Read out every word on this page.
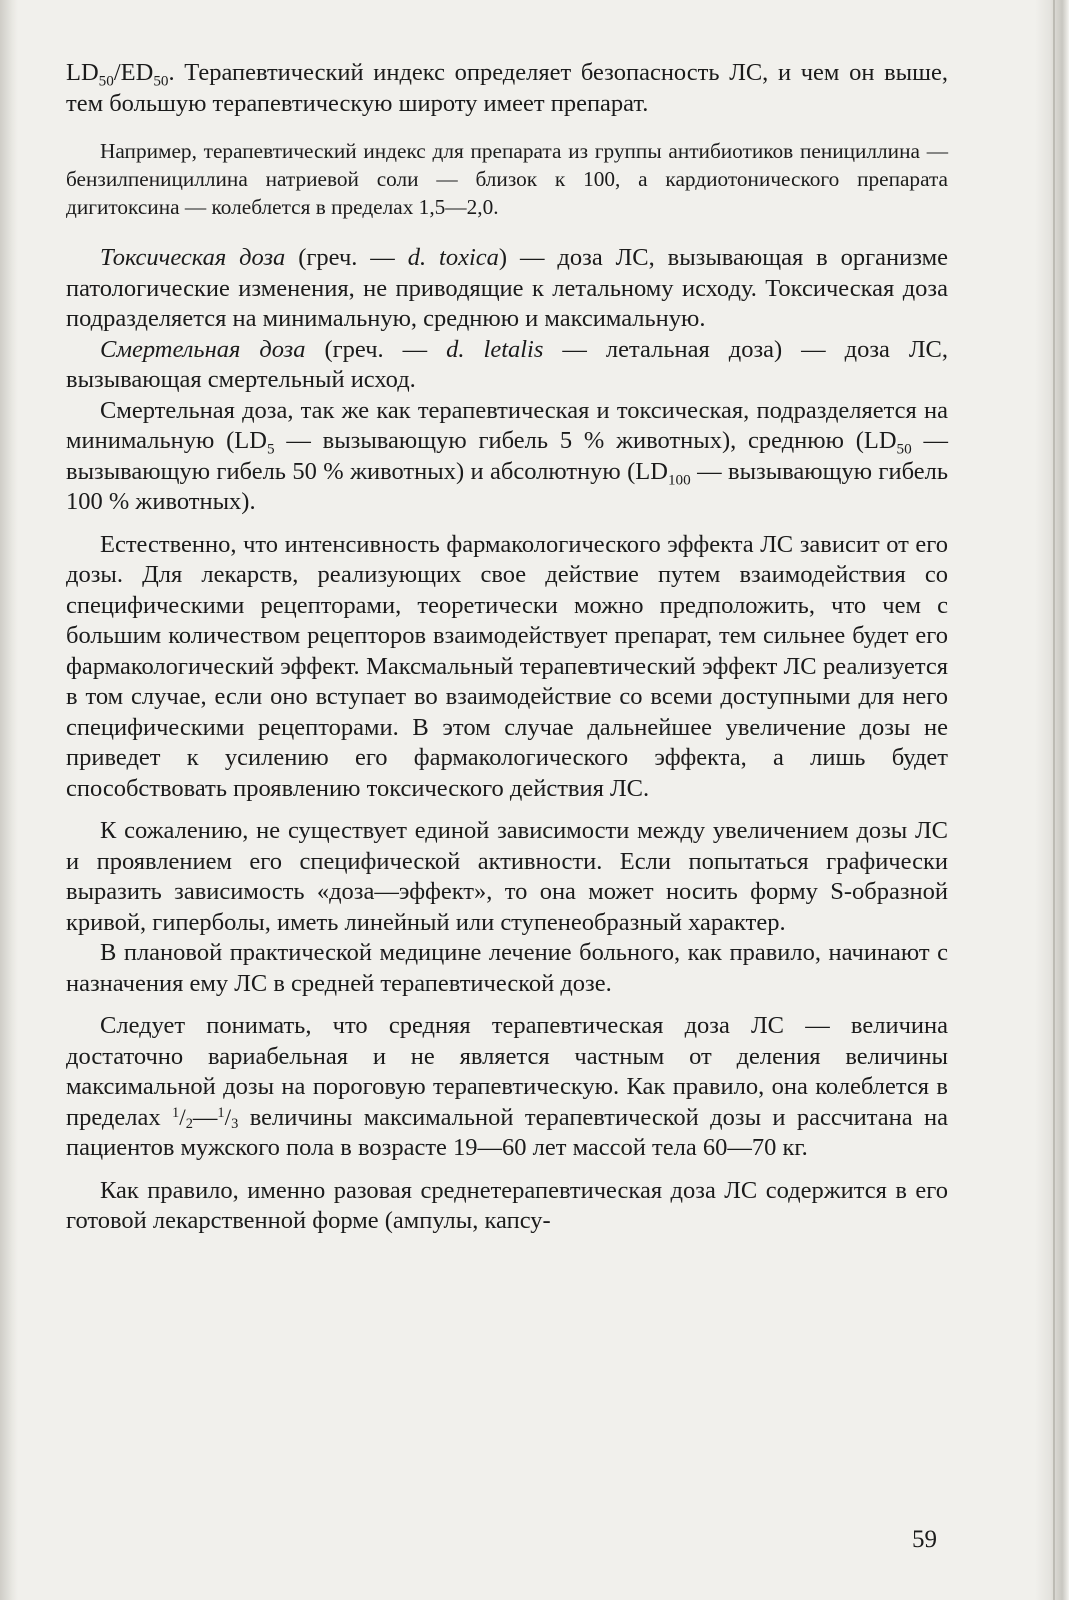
$LD_{50}/ED_{50}$. Терапевтический индекс определяет безопасность ЛС, и чем он выше, тем большую терапевтическую широту имеет препарат.

Например, терапевтический индекс для препарата из группы антибиотиков пенициллина — бензилпенициллина натриевой соли — близок к 100, а кардиотонического препарата дигитоксина — колеблется в пределах 1,5—2,0.

Токсическая доза (греч. — d. toxica) — доза ЛС, вызывающая в организме патологические изменения, не приводящие к летальному исходу. Токсическая доза подразделяется на минимальную, среднюю и максимальную.

Смертельная доза (греч. — d. letalis — летальная доза) — доза ЛС, вызывающая смертельный исход.

Смертельная доза, так же как терапевтическая и токсическая, подразделяется на минимальную ($LD_5$ — вызывающую гибель 5 % животных), среднюю ($LD_{50}$ — вызывающую гибель 50 % животных) и абсолютную ($LD_{100}$ — вызывающую гибель 100 % животных).

Естественно, что интенсивность фармакологического эффекта ЛС зависит от его дозы. Для лекарств, реализующих свое действие путем взаимодействия со специфическими рецепторами, теоретически можно предположить, что чем с большим количеством рецепторов взаимодействует препарат, тем сильнее будет его фармакологический эффект. Максмальный терапевтический эффект ЛС реализуется в том случае, если оно вступает во взаимодействие со всеми доступными для него специфическими рецепторами. В этом случае дальнейшее увеличение дозы не приведет к усилению его фармакологического эффекта, а лишь будет способствовать проявлению токсического действия ЛС.

К сожалению, не существует единой зависимости между увеличением дозы ЛС и проявлением его специфической активности. Если попытаться графически выразить зависимость «доза—эффект», то она может носить форму S-образной кривой, гиперболы, иметь линейный или ступенеобразный характер.

В плановой практической медицине лечение больного, как правило, начинают с назначения ему ЛС в средней терапевтической дозе.

Следует понимать, что средняя терапевтическая доза ЛС — величина достаточно вариабельная и не является частным от деления величины максимальной дозы на пороговую терапевтическую. Как правило, она колеблется в пределах $^1/_2—^1/_3$ величины максимальной терапевтической дозы и рассчитана на пациентов мужского пола в возрасте 19—60 лет массой тела 60—70 кг.

Как правило, именно разовая среднетерапевтическая доза ЛС содержится в его готовой лекарственной форме (ампулы, капсу-

59
